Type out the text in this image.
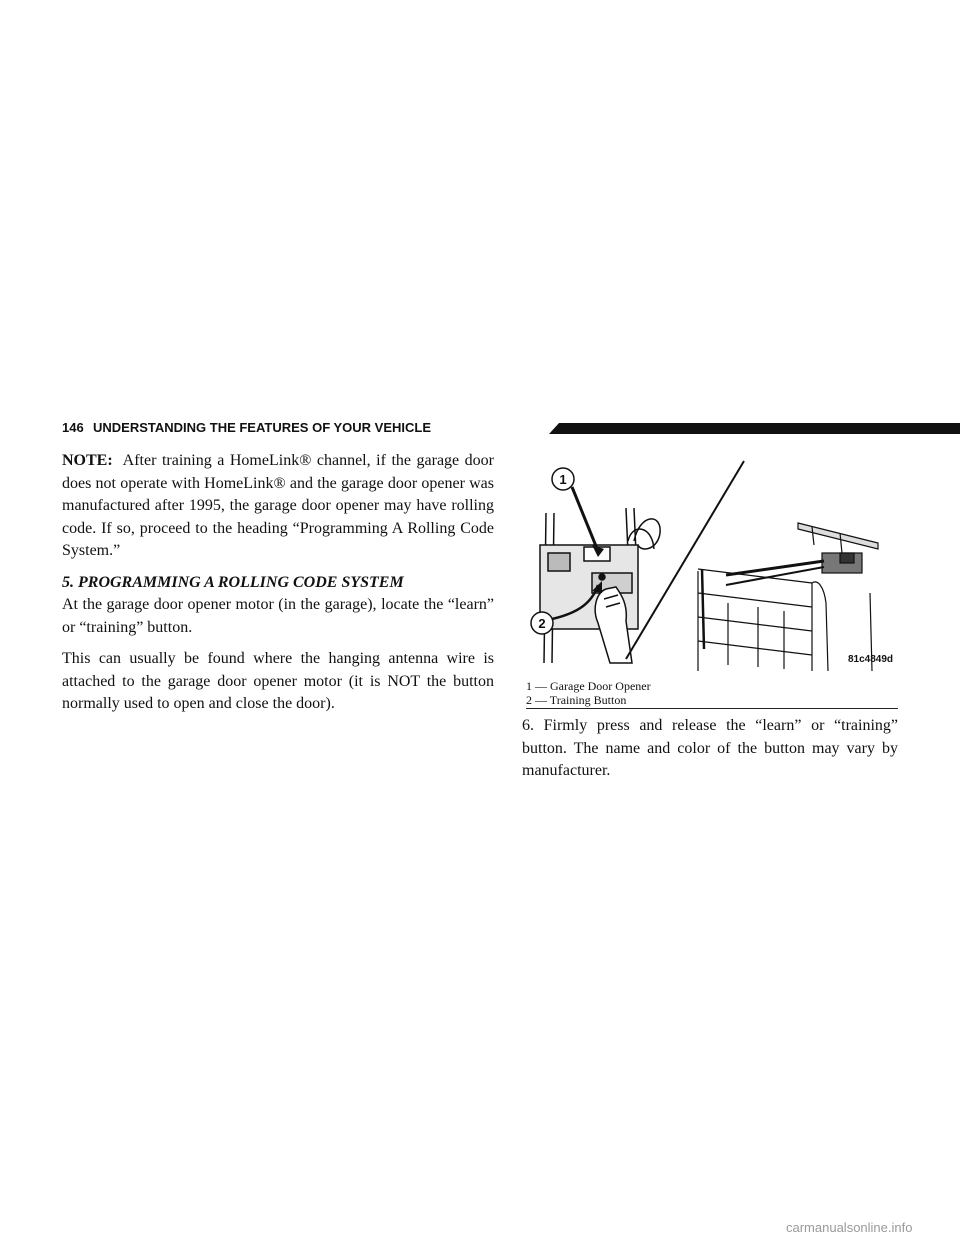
146 UNDERSTANDING THE FEATURES OF YOUR VEHICLE

NOTE: After training a HomeLink® channel, if the garage door does not operate with HomeLink® and the garage door opener was manufactured after 1995, the garage door opener may have rolling code. If so, proceed to the heading “Programming A Rolling Code System.”

5. PROGRAMMING A ROLLING CODE SYSTEM

At the garage door opener motor (in the garage), locate the “learn” or “training” button.

This can usually be found where the hanging antenna wire is attached to the garage door opener motor (it is NOT the button normally used to open and close the door).

1
2
81c4849d
1 — Garage Door Opener
2 — Training Button

6. Firmly press and release the “learn” or “training” button. The name and color of the button may vary by manufacturer.

carmanualsonline.info
